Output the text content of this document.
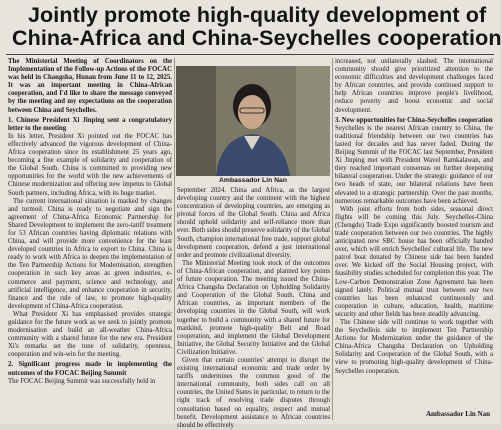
Jointly promote high-quality development of
China-Africa and China-Seychelles cooperation

The Ministerial Meeting of Coordinators on the Implementation of the Follow-up Actions of the FOCAC was held in Changsha, Hunan from June 11 to 12, 2025. It was an important meeting in China-African cooperation, and I'd like to share the message conveyed by the meeting and my expectations on the cooperation between China and Seychelles.

1. Chinese President Xi Jinping sent a congratulatory letter to the meeting

In his letter, President Xi pointed out the FOCAC has effectively advanced the vigorous development of China-Africa cooperation since its establishment 25 years ago, becoming a fine example of solidarity and cooperation of the Global South. China is committed to providing new opportunities for the world with the new achievements of Chinese modernization and offering new impetus to Global South partners, including Africa, with its huge market.

The current international situation is marked by changes and turmoil. China is ready to negotiate and sign the agreement of China-Africa Economic Partnership for Shared Development to implement the zero-tariff treatment for 53 African countries having diplomatic relations with China, and will provide more convenience for the least developed countries in Africa to export to China. China is ready to work with Africa to deepen the implementation of the Ten Partnership Actions for Modernisation, strengthen cooperation in such key areas as green industries, e-commerce and payment, science and technology, and artificial intelligence, and enhance cooperation in security, finance and the rule of law, to promote high-quality development of China-Africa cooperation.

What President Xi has emphasised provides strategic guidance for the future work as we seek to jointly promote modernisation and build an all-weather China-Africa community with a shared future for the new era. President Xi's remarks set the tone of solidarity, openness, cooperation and win-win for the meeting.

2. Significant progress made in implementing the outcomes of the FOCAC Beijing Summit

The FOCAC Beijing Summit was successfully held in

Ambassador Lin Nan

September 2024. China and Africa, as the largest developing country and the continent with the highest concentration of developing countries, are emerging as pivotal forces of the Global South. China and Africa should uphold solidarity and self-reliance more than ever. Both sides should preserve solidarity of the Global South, champion international free trade, support global development cooperation, defend a just international order and promote civilizational diversity.

The Ministerial Meeting took stock of the outcomes of China-African cooperation, and planned key points of future cooperation. The meeting issued the China-Africa Changsha Declaration on Upholding Solidarity and Cooperation of the Global South. China and African countries, as important members of the developing countries in the Global South, will work together to build a community with a shared future for mankind, promote high-quality Belt and Road cooperation, and implement the Global Development Initiative, the Global Security Initiative and the Global Civilization Initiative.

Given that certain countries' attempt to disrupt the existing international economic and trade order by tariffs undermines the common good of the international community, both sides call on all countries, the United States in particular, to return to the right track of resolving trade disputes through consultation based on equality, respect and mutual benefit. Development assistance to African countries should be effectively

increased, not unilaterally slashed. The international community should give prioritized attention to the economic difficulties and development challenges faced by African countries, and provide continued support to help African countries improve people's livelihood, reduce poverty and boost economic and social development.

3. New opportunities for China-Seychelles cooperation

Seychelles is the nearest African country to China, the traditional friendship between our two countries has lasted for decades and has never faded. During the Beijing Summit of the FOCAC last September, President Xi Jinping met with President Wavel Ramkalawan, and they reached important consensus on further deepening bilateral cooperation. Under the strategic guidance of our two heads of state, our bilateral relations have been elevated to a strategic partnership. Over the past months, numerous remarkable outcomes have been achieved.

With joint efforts from both sides, seasonal direct flights will be coming this July. Seychelles-China (Chengdu) Trade Expo significantly boosted tourism and trade cooperation between our two countries. The highly anticipated new SBC house has been officially handed over, which will enrich Seychelles' cultural life. The new patrol boat donated by Chinese side has been handed over. We kicked off the Social Housing project, with feasibility studies scheduled for completion this year. The Low-Carbon Demonstration Zone Agreement has been signed lately. Political mutual trust between our two countries has been enhanced continuously and cooperation in culture, education, health, maritime security and other fields has been steadily advancing.

The Chinese side will continue to work together with the Seychellois side to implement Ten Partnership Actions for Modernization under the guidance of the China-Africa Changsha Declaration on Upholding Solidarity and Cooperation of the Global South, with a view to promoting high-quality development of China-Seychelles cooperation.

Ambassador Lin Nan
